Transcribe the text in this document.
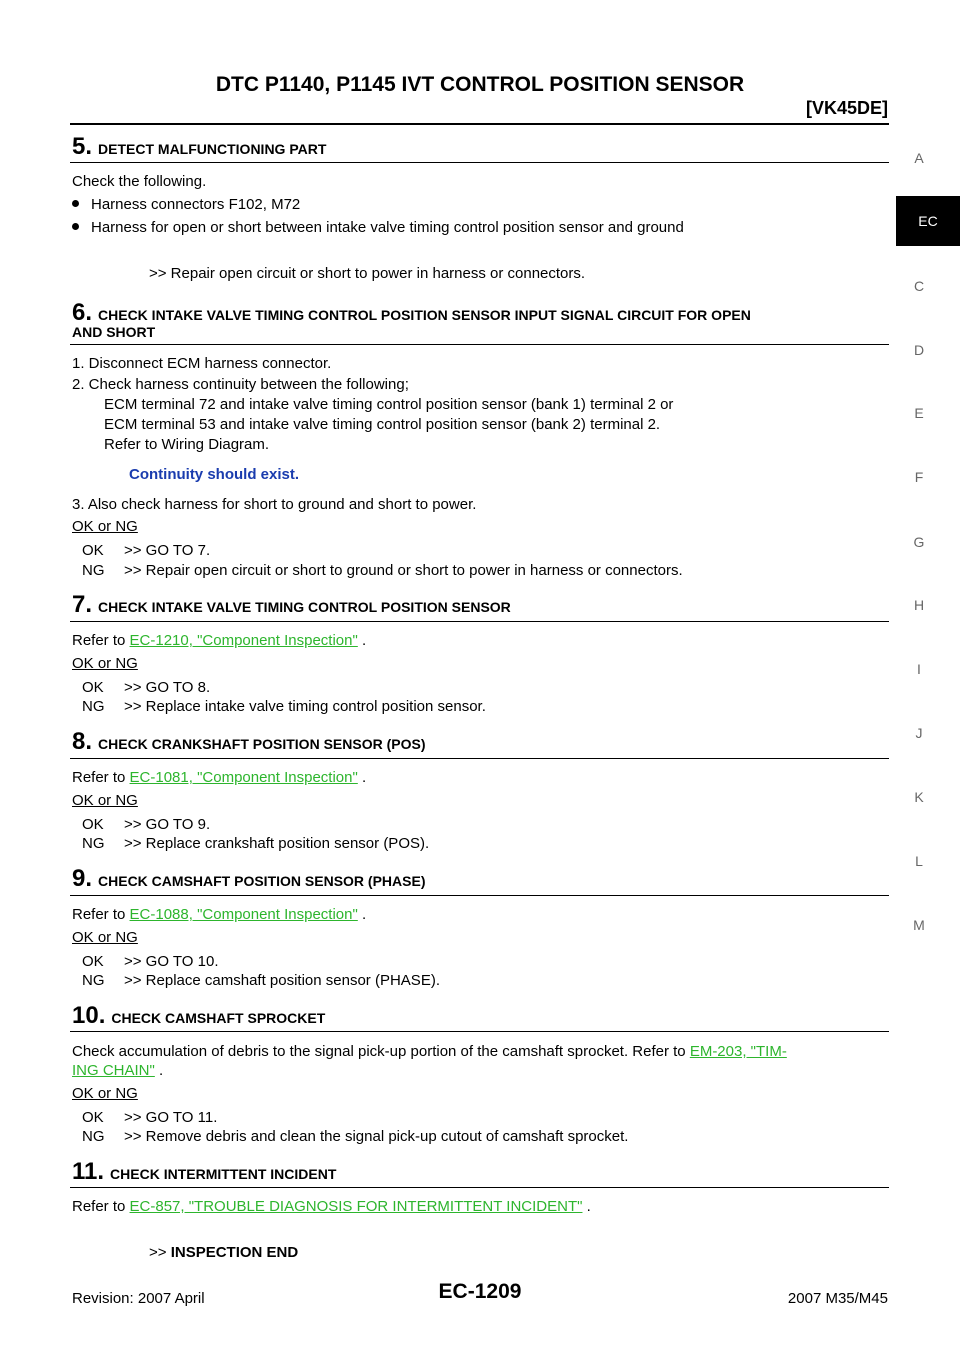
DTC P1140, P1145 IVT CONTROL POSITION SENSOR
[VK45DE]
A
EC
C
D
E
F
G
H
I
J
K
L
M
5. DETECT MALFUNCTIONING PART
Check the following.
Harness connectors F102, M72
Harness for open or short between intake valve timing control position sensor and ground
>> Repair open circuit or short to power in harness or connectors.
6. CHECK INTAKE VALVE TIMING CONTROL POSITION SENSOR INPUT SIGNAL CIRCUIT FOR OPEN
AND SHORT
1. Disconnect ECM harness connector.
2. Check harness continuity between the following;
ECM terminal 72 and intake valve timing control position sensor (bank 1) terminal 2 or
ECM terminal 53 and intake valve timing control position sensor (bank 2) terminal 2.
Refer to Wiring Diagram.
Continuity should exist.
3. Also check harness for short to ground and short to power.
OK or NG
OK >> GO TO 7.
NG >> Repair open circuit or short to ground or short to power in harness or connectors.
7. CHECK INTAKE VALVE TIMING CONTROL POSITION SENSOR
Refer to EC-1210, "Component Inspection" .
OK or NG
OK >> GO TO 8.
NG >> Replace intake valve timing control position sensor.
8. CHECK CRANKSHAFT POSITION SENSOR (POS)
Refer to EC-1081, "Component Inspection" .
OK or NG
OK >> GO TO 9.
NG >> Replace crankshaft position sensor (POS).
9. CHECK CAMSHAFT POSITION SENSOR (PHASE)
Refer to EC-1088, "Component Inspection" .
OK or NG
OK >> GO TO 10.
NG >> Replace camshaft position sensor (PHASE).
10. CHECK CAMSHAFT SPROCKET
Check accumulation of debris to the signal pick-up portion of the camshaft sprocket. Refer to EM-203, "TIM-
ING CHAIN" .
OK or NG
OK >> GO TO 11.
NG >> Remove debris and clean the signal pick-up cutout of camshaft sprocket.
11. CHECK INTERMITTENT INCIDENT
Refer to EC-857, "TROUBLE DIAGNOSIS FOR INTERMITTENT INCIDENT" .
>> INSPECTION END
EC-1209
Revision: 2007 April	2007 M35/M45
